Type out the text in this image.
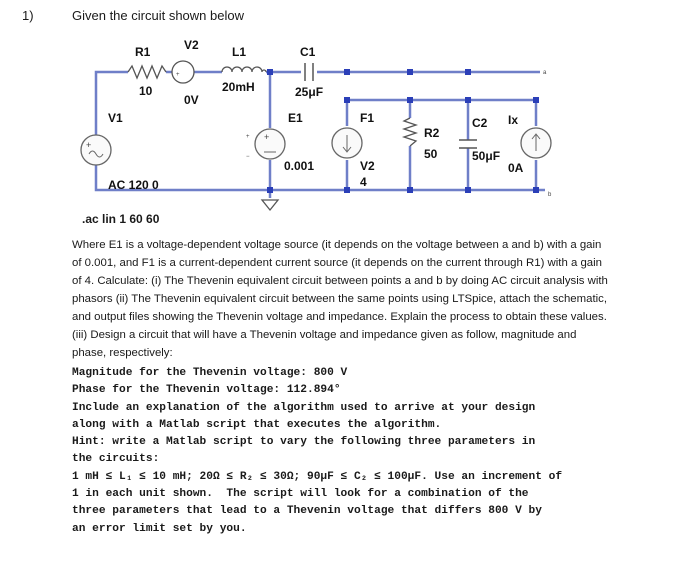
1)	Given the circuit shown below
+
+
+
+
−
R1
10
V2
0V
L1
20mH
C1
25μF
V1
AC 120 0
E1
0.001
F1
V2
4
R2
50
C2
50μF
Ix
0A
a
b
.ac lin 1 60 60
Where E1 is a voltage-dependent voltage source (it depends on the voltage between a and b) with a gain
of 0.001, and F1 is a current-dependent current source (it depends on the current through R1) with a gain
of 4. Calculate: (i) The Thevenin equivalent circuit between points a and b by doing AC circuit analysis with
phasors (ii) The Thevenin equivalent circuit between the same points using LTSpice, attach the schematic,
and output files showing the Thevenin voltage and impedance. Explain the process to obtain these values.
(iii) Design a circuit that will have a Thevenin voltage and impedance given as follow, magnitude and
phase, respectively:
Magnitude for the Thevenin voltage: 800 V
Phase for the Thevenin voltage: 112.894°
Include an explanation of the algorithm used to arrive at your design
along with a Matlab script that executes the algorithm.
Hint: write a Matlab script to vary the following three parameters in
the circuits:
1 mH ≤ L₁ ≤ 10 mH; 20Ω ≤ R₂ ≤ 30Ω; 90μF ≤ C₂ ≤ 100μF. Use an increment of
1 in each unit shown.  The script will look for a combination of the
three parameters that lead to a Thevenin voltage that differs 800 V by
an error limit set by you.
